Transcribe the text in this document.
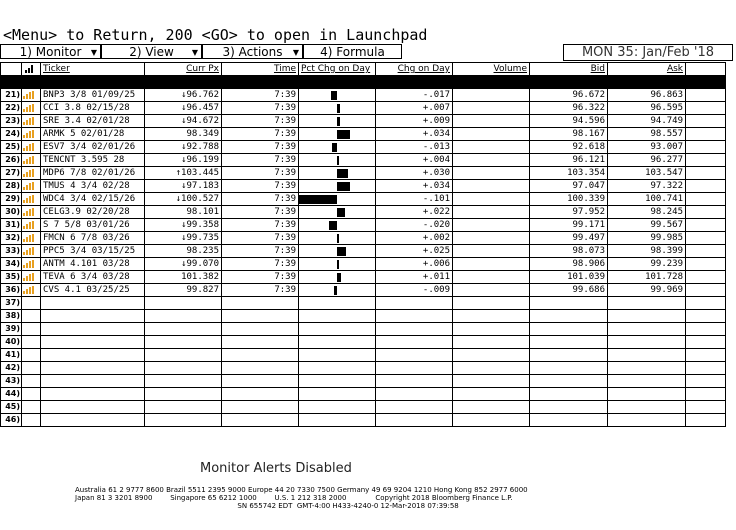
<Menu> to Return, 200 <GO> to open in Launchpad
1) Monitor ▼	2) View ▼	3) Actions ▼	4) Formula	MON 35: Jan/Feb '18

	Ticker	Curr Px	Time	Pct Chg on Day	Chg on Day	Volume	Bid	Ask	

21)		BNP3 3/8 01/09/25	↓96.762	7:39		-.017		96.672	96.863	
22)		CCI 3.8 02/15/28	↓96.457	7:39		+.007		96.322	96.595	
23)		SRE 3.4 02/01/28	↓94.672	7:39		+.009		94.596	94.749	
24)		ARMK 5 02/01/28	98.349	7:39		+.034		98.167	98.557	
25)		ESV7 3/4 02/01/26	↓92.788	7:39		-.013		92.618	93.007	
26)		TENCNT 3.595 28	↓96.199	7:39		+.004		96.121	96.277	
27)		MDP6 7/8 02/01/26	↑103.445	7:39		+.030		103.354	103.547	
28)		TMUS 4 3/4 02/28	↓97.183	7:39		+.034		97.047	97.322	
29)		WDC4 3/4 02/15/26	↓100.527	7:39		-.101		100.339	100.741	
30)		CELG3.9 02/20/28	98.101	7:39		+.022		97.952	98.245	
31)		S 7 5/8 03/01/26	↓99.358	7:39		-.020		99.171	99.567	
32)		FMCN 6 7/8 03/26	↓99.735	7:39		+.002		99.497	99.985	
33)		PPC5 3/4 03/15/25	98.235	7:39		+.025		98.073	98.399	
34)		ANTM 4.101 03/28	↓99.070	7:39		+.006		98.906	99.239	
35)		TEVA 6 3/4 03/28	101.382	7:39		+.011		101.039	101.728	
36)		CVS 4.1 03/25/25	99.827	7:39		-.009		99.686	99.969	
37)										
38)										
39)										
40)										
41)										
42)										
43)										
44)										
45)										
46)										
Monitor Alerts Disabled
Australia 61 2 9777 8600 Brazil 5511 2395 9000 Europe 44 20 7330 7500 Germany 49 69 9204 1210 Hong Kong 852 2977 6000
Japan 81 3 3201 8900        Singapore 65 6212 1000        U.S. 1 212 318 2000             Copyright 2018 Bloomberg Finance L.P.
SN 655742 EDT  GMT-4:00 H433-4240-0 12-Mar-2018 07:39:58
